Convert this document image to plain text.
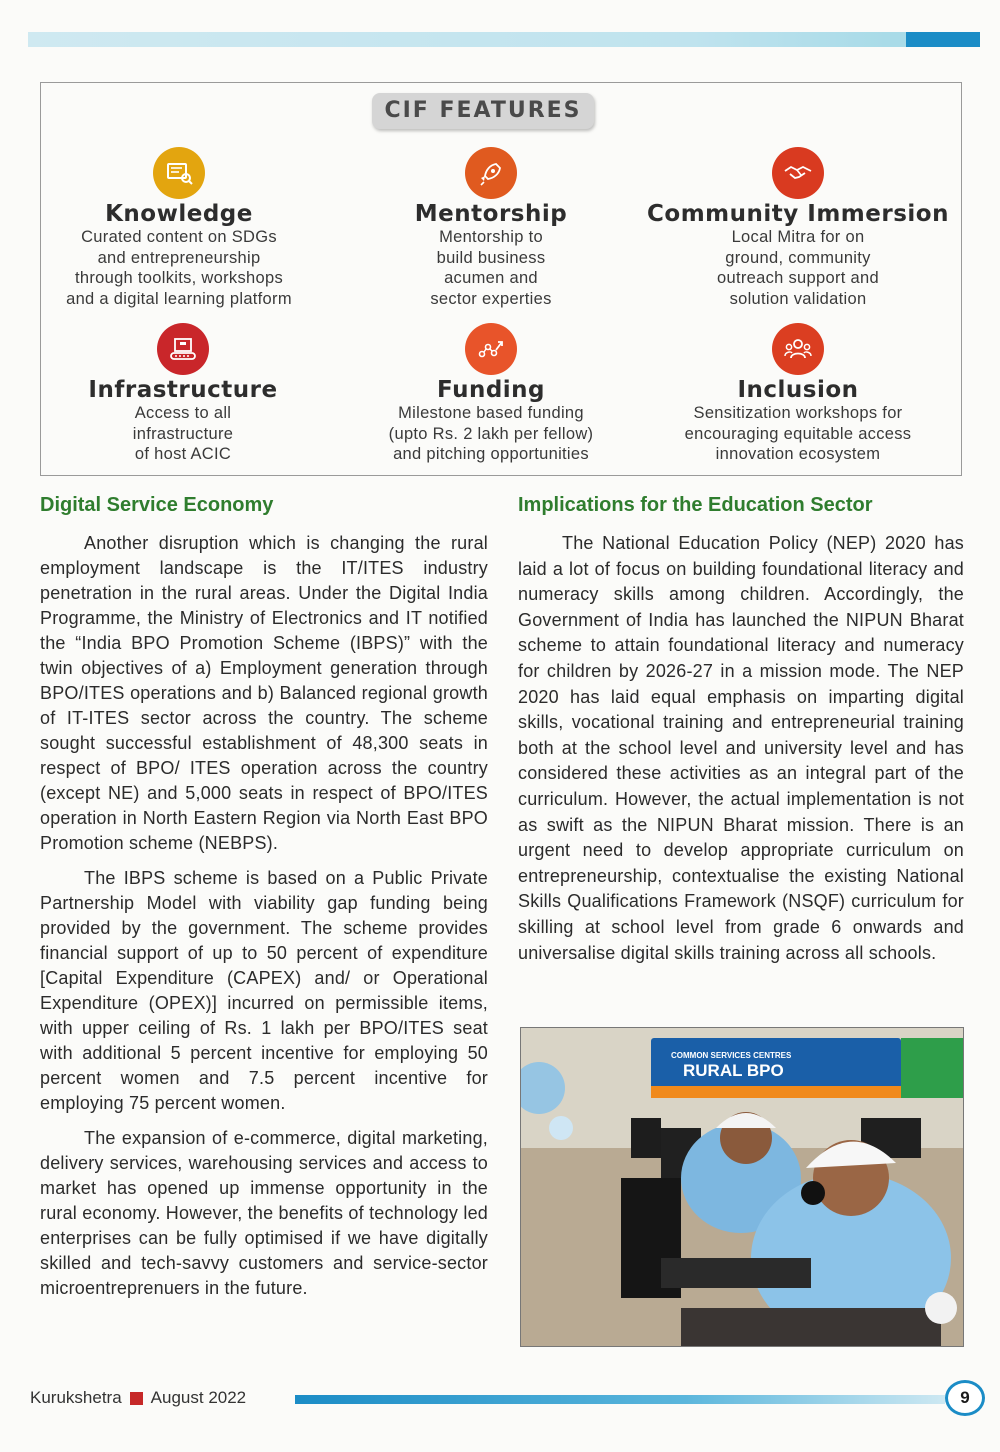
CIF FEATURES
Knowledge
Curated content on SDGs
and entrepreneurship
through toolkits, workshops
and a digital learning platform
Mentorship
Mentorship to
build business
acumen and
sector experties
Community Immersion
Local Mitra for on
ground, community
outreach support and
solution validation
Infrastructure
Access to all
infrastructure
of host ACIC
Funding
Milestone based funding
(upto Rs. 2 lakh per fellow)
and pitching opportunities
Inclusion
Sensitization workshops for
encouraging equitable access
innovation ecosystem
Digital Service Economy

Another disruption which is changing the rural employment landscape is the IT/ITES industry penetration in the rural areas. Under the Digital India Programme, the Ministry of Electronics and IT notified the “India BPO Promotion Scheme (IBPS)” with the twin objectives of a) Employment generation through BPO/ITES operations and b) Balanced regional growth of IT-ITES sector across the country. The scheme sought successful establishment of 48,300 seats in respect of BPO/ ITES operation across the country (except NE) and 5,000 seats in respect of BPO/ITES operation in North Eastern Region via North East BPO Promotion scheme (NEBPS).

The IBPS scheme is based on a Public Private Partnership Model with viability gap funding being provided by the government. The scheme provides financial support of up to 50 percent of expenditure [Capital Expenditure (CAPEX) and/ or Operational Expenditure (OPEX)] incurred on permissible items, with upper ceiling of Rs. 1 lakh per BPO/ITES seat with additional 5 percent incentive for employing 50 percent women and 7.5 percent incentive for employing 75 percent women.

The expansion of e-commerce, digital marketing, delivery services, warehousing services and access to market has opened up immense opportunity in the rural economy. However, the benefits of technology led enterprises can be fully optimised if we have digitally skilled and tech-savvy customers and service-sector microentreprenuers in the future.

Implications for the Education Sector

The National Education Policy (NEP) 2020 has laid a lot of focus on building foundational literacy and numeracy skills among children. Accordingly, the Government of India has launched the NIPUN Bharat scheme to attain foundational literacy and numeracy for children by 2026-27 in a mission mode. The NEP 2020 has laid equal emphasis on imparting digital skills, vocational training and entrepreneurial training both at the school level and university level and has considered these activities as an integral part of the curriculum. However, the actual implementation is not as swift as the NIPUN Bharat mission. There is an urgent need to develop appropriate curriculum on entrepreneurship, contextualise the existing National Skills Qualifications Framework (NSQF) curriculum for skilling at school level from grade 6 onwards and universalise digital skills training across all schools.

COMMON SERVICES CENTRES
RURAL BPO
Kurukshetra August 2022	9
